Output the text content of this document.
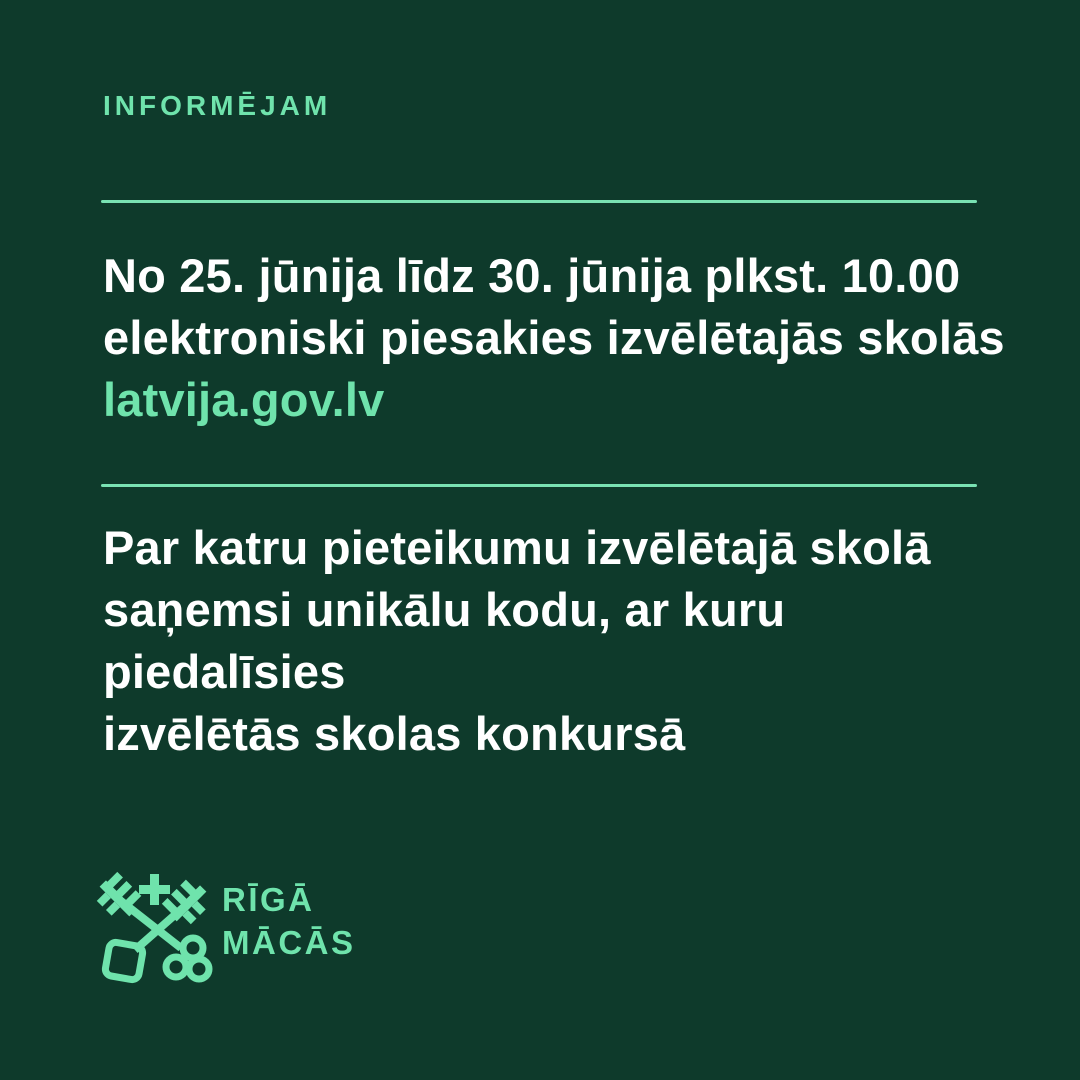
INFORMĒJAM
No 25. jūnija līdz 30. jūnija plkst. 10.00
elektroniski piesakies izvēlētajās skolās
latvija.gov.lv
Par katru pieteikumu izvēlētajā skolā
saņemsi unikālu kodu, ar kuru piedalīsies
izvēlētās skolas konkursā
RĪGĀ
MĀCĀS
